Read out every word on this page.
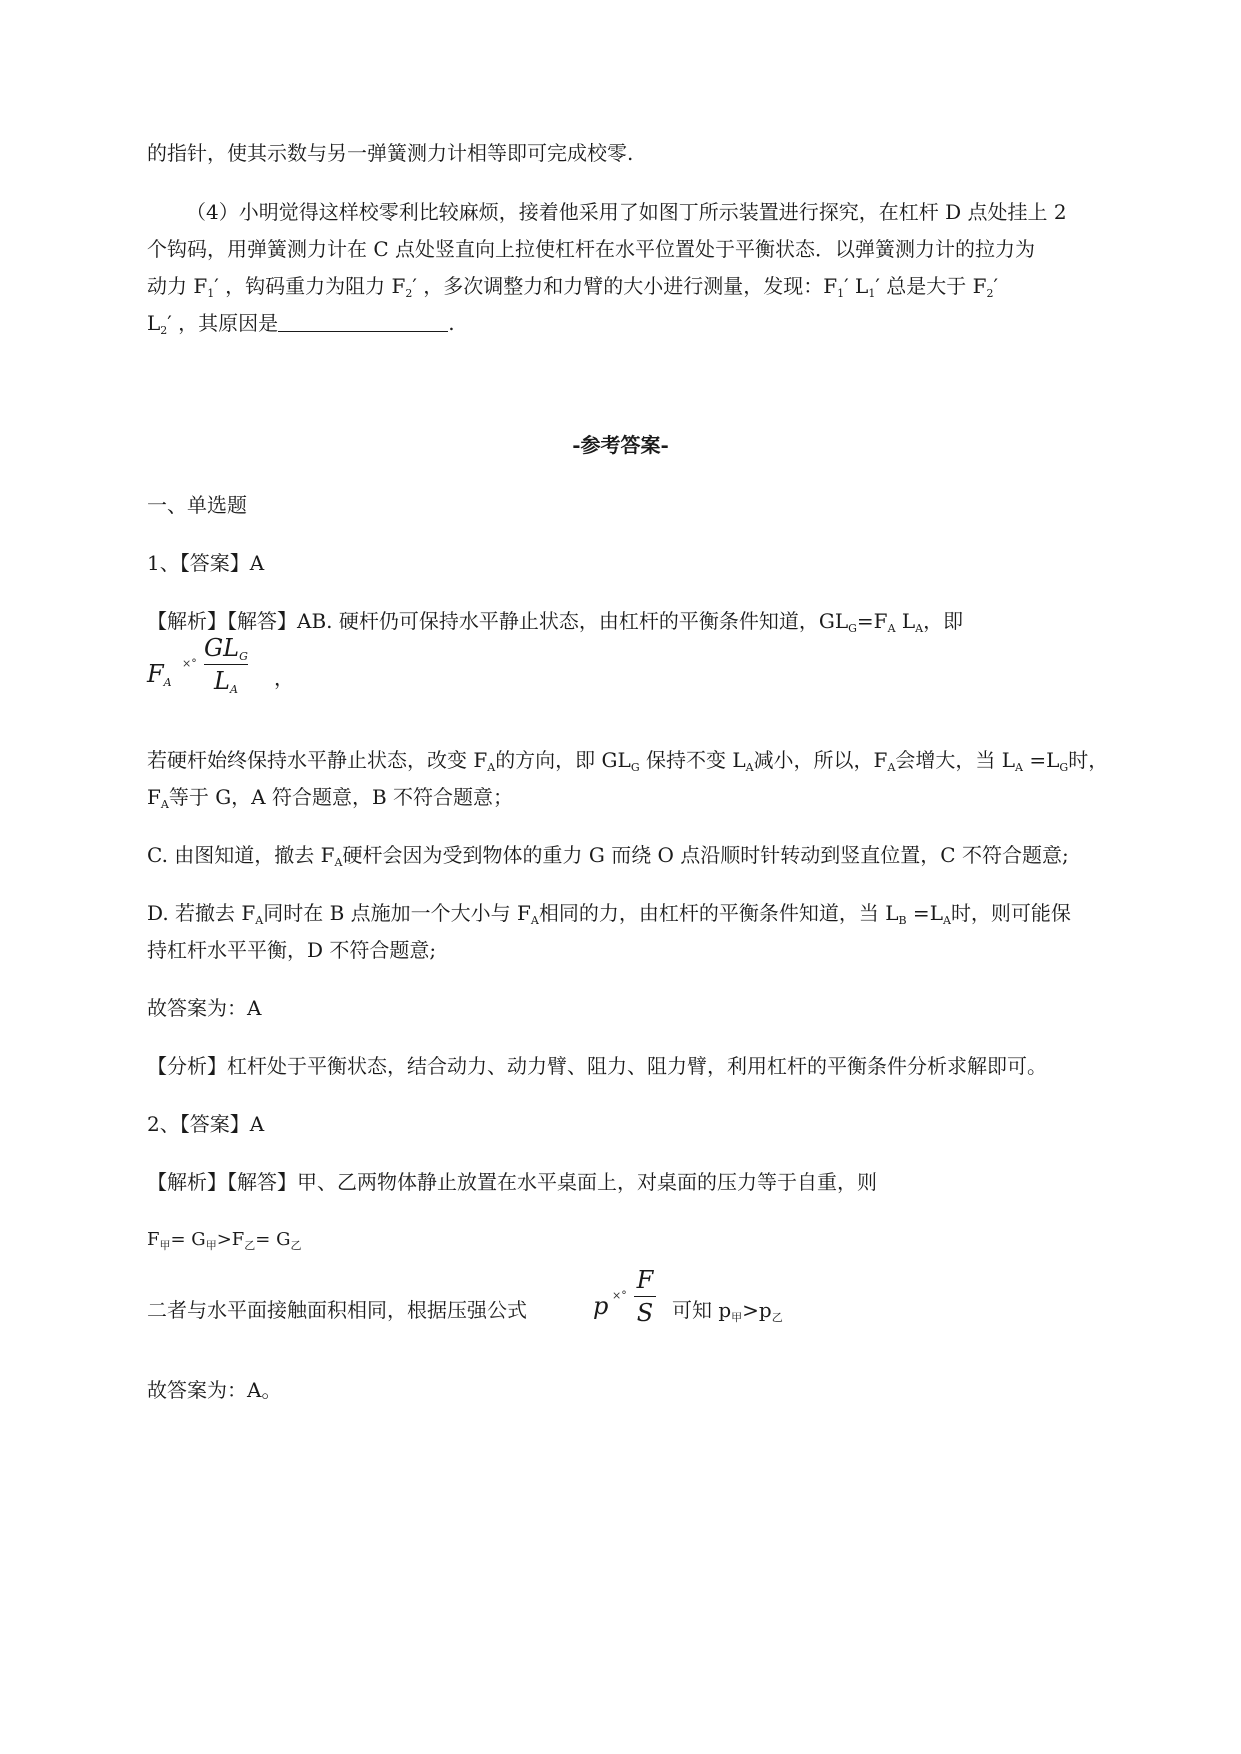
的指针，使其示数与另一弹簧测力计相等即可完成校零.
（4）小明觉得这样校零利比较麻烦，接着他采用了如图丁所示装置进行探究，在杠杆 D 点处挂上 2
个钩码，用弹簧测力计在 C 点处竖直向上拉使杠杆在水平位置处于平衡状态．以弹簧测力计的拉力为
动力 $F_1'$ ，钩码重力为阻力 $F_2'$ ，多次调整力和力臂的大小进行测量，发现：$F_1'$ $L_1'$ 总是大于 $F_2'$
$L_2'$ ，其原因是	.
-参考答案-
一、单选题
1、【答案】A
【解析】【解答】AB. 硬杆仍可保持水平静止状态，由杠杆的平衡条件知道，$GL_G=F_A$ $L_A$，即
$F_A$
×°
$GL_G$
$L_A$ ，
若硬杆始终保持水平静止状态，改变 $F_A$的方向，即 $GL_G$ 保持不变 $L_A$减小，所以，$F_A$会增大，当 $L_A =L_G$时，
$F_A$等于 G，A 符合题意，B 不符合题意；
C. 由图知道，撤去 $F_A$硬杆会因为受到物体的重力 G 而绕 O 点沿顺时针转动到竖直位置，C 不符合题意;
D. 若撤去 $F_A$同时在 B 点施加一个大小与 $F_A$相同的力，由杠杆的平衡条件知道，当 $L_B =L_A$时，则可能保
持杠杆水平平衡，D 不符合题意;
故答案为：A
【分析】杠杆处于平衡状态，结合动力、动力臂、阻力、阻力臂，利用杠杆的平衡条件分析求解即可。
2、【答案】A
【解析】【解答】甲、乙两物体静止放置在水平桌面上，对桌面的压力等于自重，则
$F_甲= G_甲>F_乙= G_乙$
二者与水平面接触面积相同，根据压强公式	p ×°
F
S 可知 $p_甲>p_乙$
故答案为：A。
